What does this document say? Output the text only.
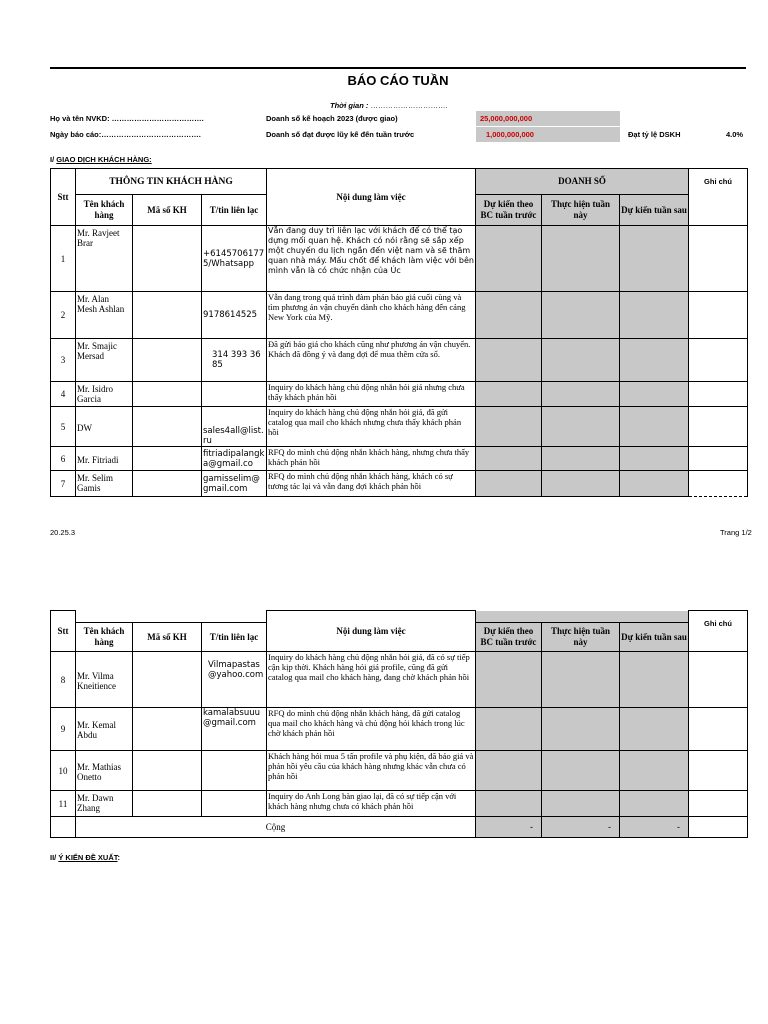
BÁO CÁO TUẦN
Thời gian : ………………………….
Họ và tên NVKD: ……………………………….
Ngày báo cáo:………………………………….
Doanh số kế hoạch 2023 (được giao)
Doanh số đạt được lũy kế đến tuần trước
25,000,000,000
1,000,000,000	Đạt tỷ lệ DSKH	4.0%
I/ GIAO DỊCH KHÁCH HÀNG:
Stt	THÔNG TIN KHÁCH HÀNG			Nội dung làm việc	DOANH SỐ			Ghi chú
	Tên khách hàng	Mã số KH	T/tin liên lạc		Dự kiến theo BC tuần trước	Thực hiện tuần này	Dự kiến tuần sau	
1	Mr. Ravjeet Brar		+61457061775/Whatsapp	Vẫn đang duy trì liên lạc với khách để có thể tạo dựng mối quan hệ. Khách có nói rằng sẽ sắp xếp một chuyến du lịch ngắn đến việt nam và sẽ thăm quan nhà máy. Mấu chốt để khách làm việc với bên mình vẫn là có chức nhận của Úc				
2	Mr. Alan Mesh Ashlan		9178614525	Vẫn đang trong quá trình đàm phán báo giá cuối cùng và tìm phương án vận chuyển dành cho khách hàng đến cảng New York của Mỹ.				
3	Mr. Smajic Mersad		314 393 3685	Đã gửi báo giá cho khách cũng như phương án vận chuyển. Khách đã đồng ý và đang đợi để mua thêm cửa sổ.				
4	Mr. Isidro Garcia			Inquiry do khách hàng chủ động nhắn hỏi giá nhưng chưa thấy khách phản hồi				
5	DW		sales4all@list.ru	Inquiry do khách hàng chủ động nhắn hỏi giá, đã gửi catalog qua mail cho khách nhưng chưa thấy khách phản hồi				
6	Mr. Fitriadi		fitriadipalangka@gmail.co	RFQ do mình chủ động nhắn khách hàng, nhưng chưa thấy khách phản hồi				
7	Mr. Selim Gamis		gamisselim@gmail.com	RFQ do mình chủ động nhắn khách hàng, khách có sự tương tác lại và vẫn đang đợi khách phản hồi				
20.25.3	Trang 1/2
Stt				Nội dung làm việc				Ghi chú
	Tên khách hàng	Mã số KH	T/tin liên lạc		Dự kiến theo BC tuần trước	Thực hiện tuần này	Dự kiến tuần sau	
8	Mr. Vilma Kneitience		Vilmapastas@yahoo.com	Inquiry do khách hàng chủ động nhắn hỏi giá, đã có sự tiếp cận kịp thời. Khách hàng hỏi giá profile, cũng đã gửi catalog qua mail cho khách hàng, đang chờ khách phản hồi				
9	Mr. Kemal Abdu		kamalabsuuu@gmail.com	RFQ do mình chủ động nhắn khách hàng, đã gửi catalog qua mail cho khách hàng và chủ động hỏi khách trong lúc chờ khách phản hồi				
10	Mr. Mathias Onetto			Khách hàng hỏi mua 5 tấn profile và phụ kiện, đã báo giá và phản hồi yêu cầu của khách hàng nhưng khác vẫn chưa có phản hồi				
11	Mr. Dawn Zhang			Inquiry do Anh Long bàn giao lại, đã có sự tiếp cận với khách hàng nhưng chưa có khách phản hồi				
	Cộng				-	-	-	
II/ Ý KIẾN ĐỀ XUẤT:
